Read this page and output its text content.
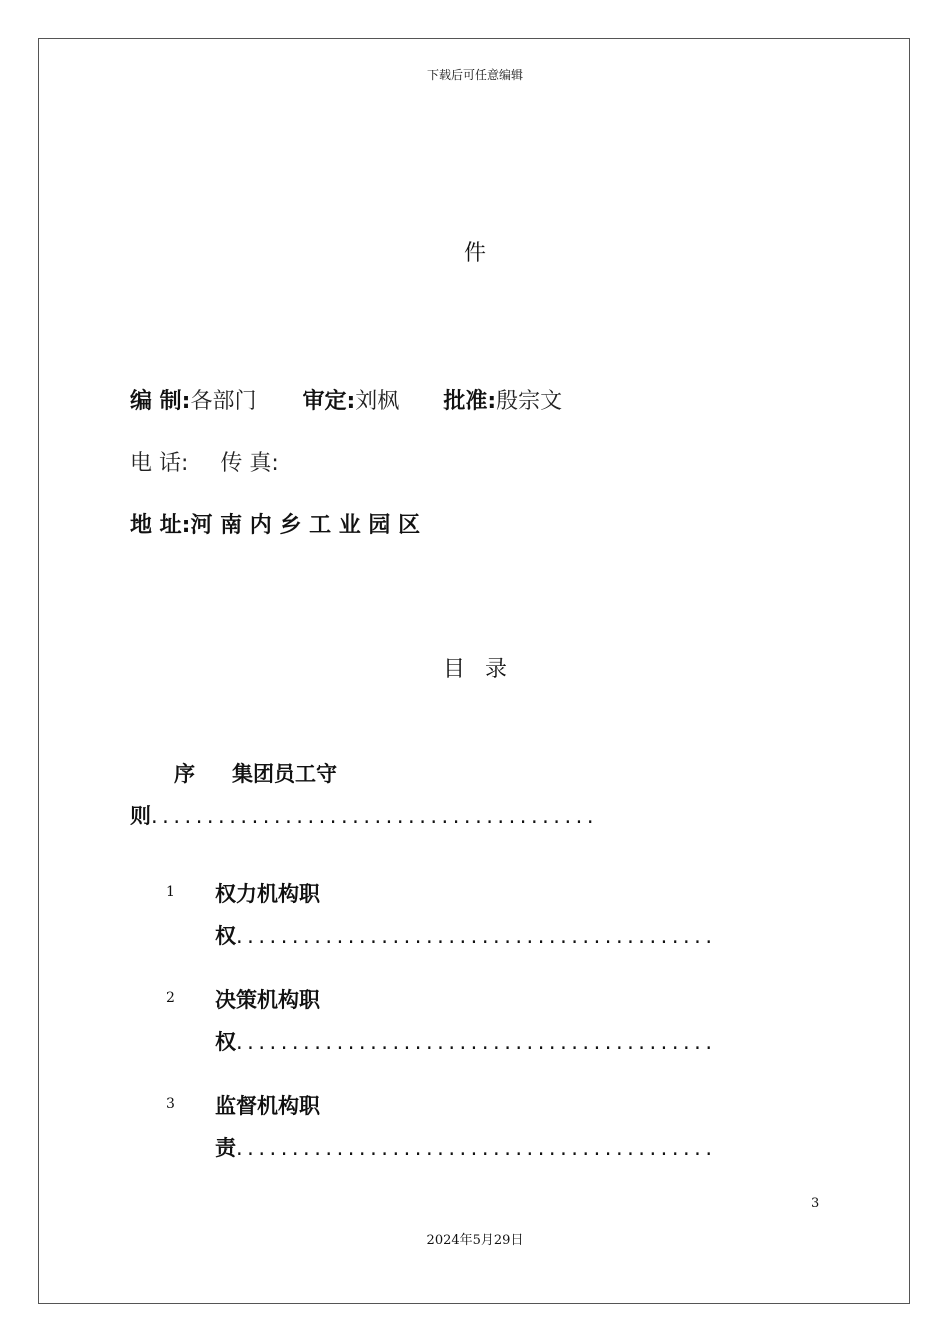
下载后可任意编辑
件
编 制:各部门 审定:刘枫 批准:殷宗文
电 话: 传 真:
地 址:河 南 内 乡 工 业 园 区
目录
序 集团员工守
则........................................
1 权力机构职
权...........................................
2 决策机构职
权...........................................
3 监督机构职
责...........................................
3
2024年5月29日
